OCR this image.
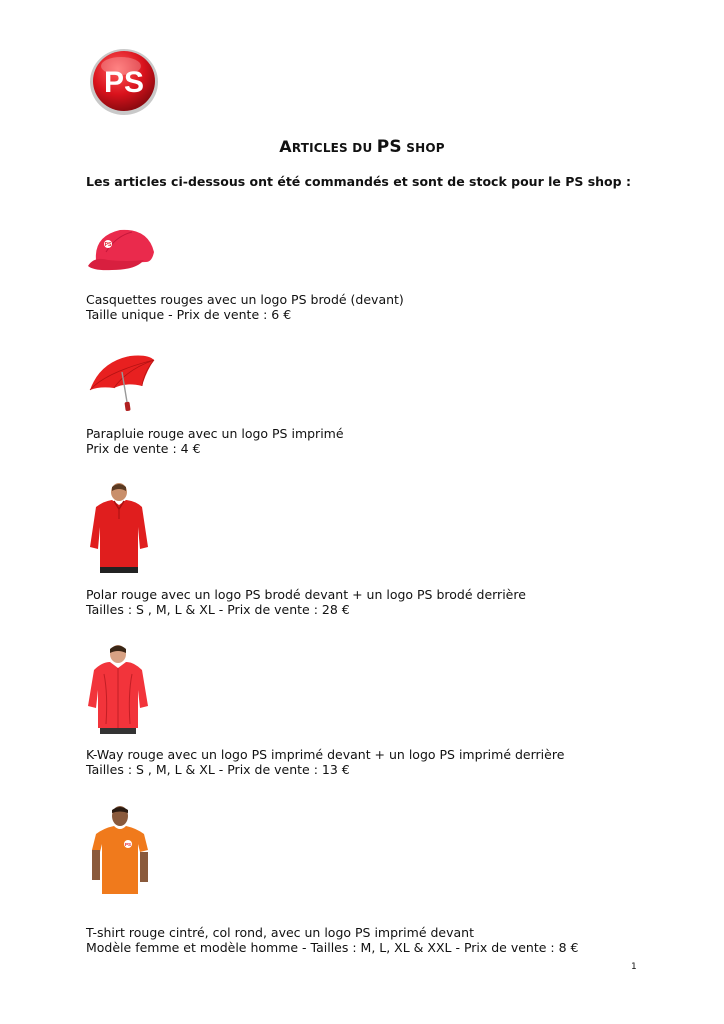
PS
ARTICLES DU PS SHOP
Les articles ci-dessous ont été commandés et sont de stock pour le PS shop :
PS
Casquettes rouges avec un logo PS brodé (devant)
Taille unique - Prix de vente : 6 €
Parapluie rouge avec un logo PS imprimé
Prix de vente : 4 €
Polar rouge avec un logo PS brodé devant + un logo PS brodé derrière
Tailles : S , M, L & XL - Prix de vente : 28 €
K-Way rouge avec un logo PS imprimé devant + un logo PS imprimé derrière
Tailles : S , M, L & XL - Prix de vente : 13 €
PS
T-shirt rouge cintré, col rond, avec un logo PS imprimé devant
Modèle femme et modèle homme - Tailles : M, L, XL & XXL - Prix de vente : 8 €
1
